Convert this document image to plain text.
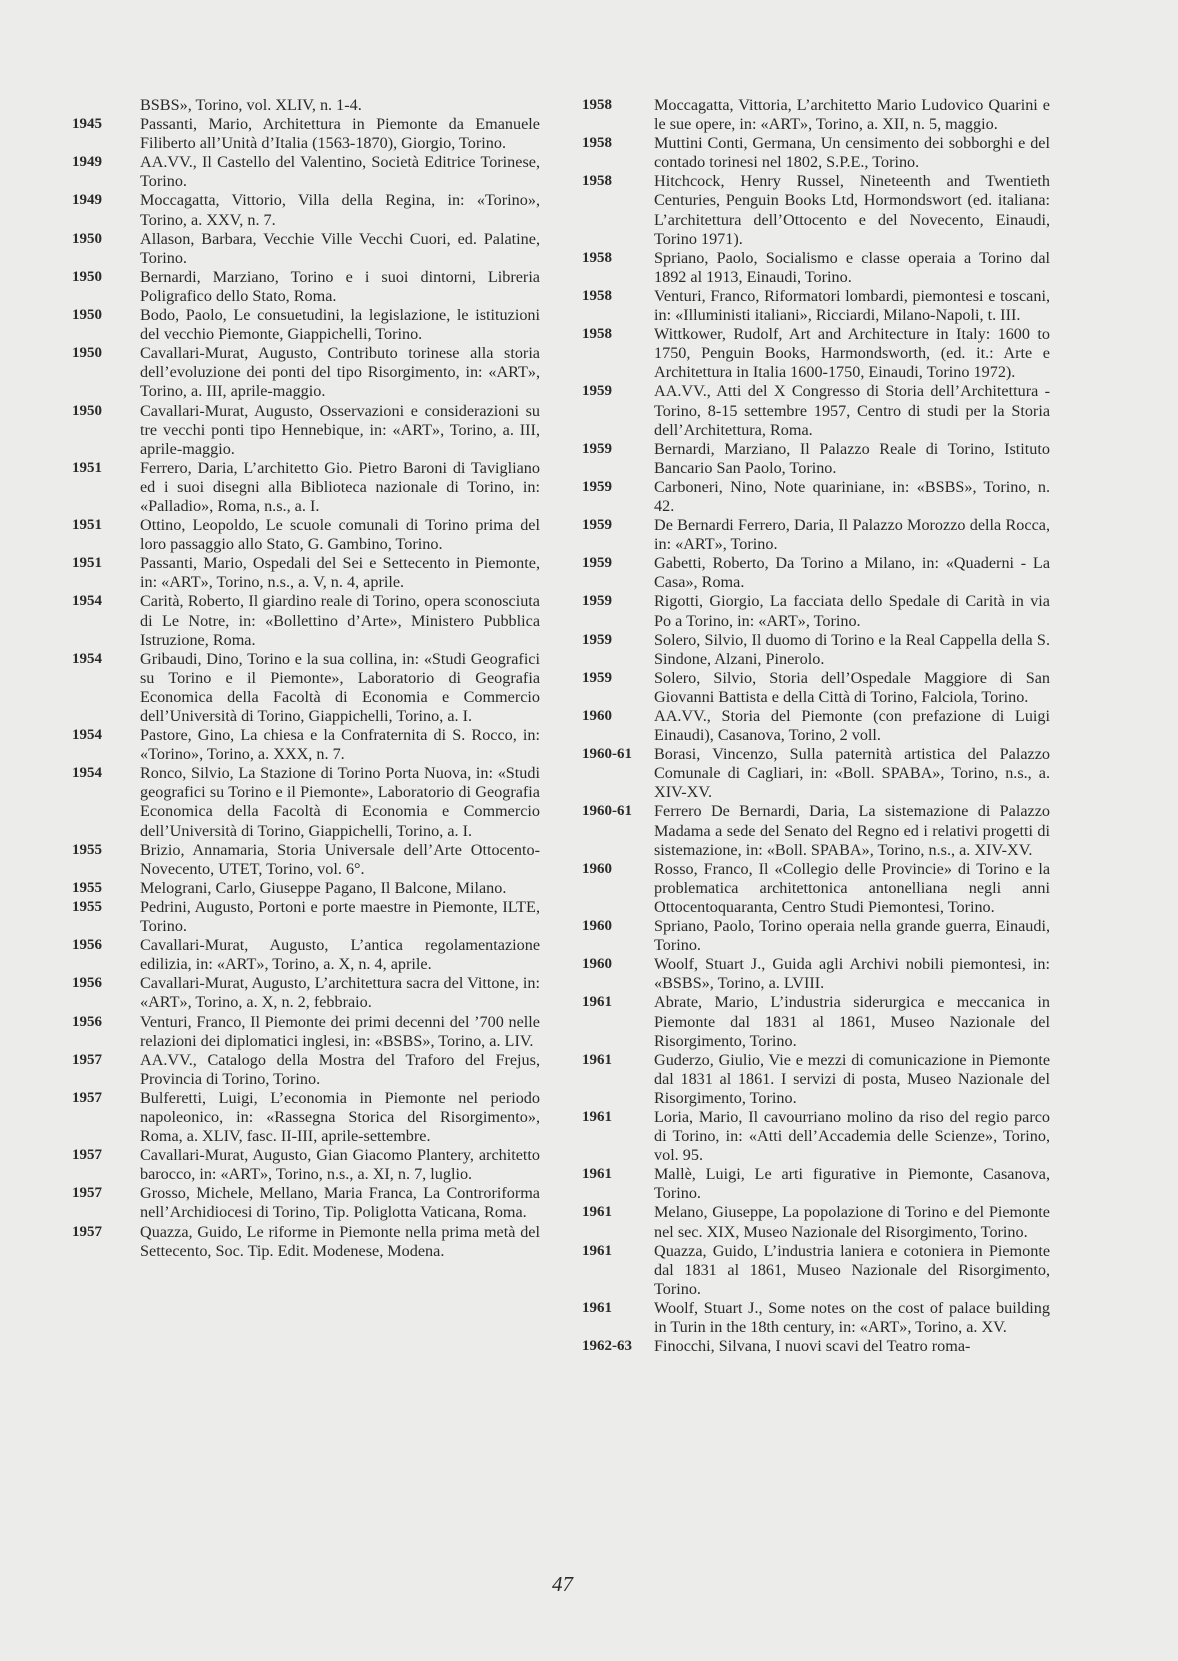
BSBS», Torino, vol. XLIV, n. 1-4.
1945	Passanti, Mario, Architettura in Piemonte da Emanuele Filiberto all’Unità d’Italia (1563-1870), Giorgio, Torino.
1949	AA.VV., Il Castello del Valentino, Società Editrice Torinese, Torino.
1949	Moccagatta, Vittorio, Villa della Regina, in: «Torino», Torino, a. XXV, n. 7.
1950	Allason, Barbara, Vecchie Ville Vecchi Cuori, ed. Palatine, Torino.
1950	Bernardi, Marziano, Torino e i suoi dintorni, Libreria Poligrafico dello Stato, Roma.
1950	Bodo, Paolo, Le consuetudini, la legislazione, le istituzioni del vecchio Piemonte, Giappichelli, Torino.
1950	Cavallari-Murat, Augusto, Contributo torinese alla storia dell’evoluzione dei ponti del tipo Risorgimento, in: «ART», Torino, a. III, aprile-maggio.
1950	Cavallari-Murat, Augusto, Osservazioni e considerazioni su tre vecchi ponti tipo Hennebique, in: «ART», Torino, a. III, aprile-maggio.
1951	Ferrero, Daria, L’architetto Gio. Pietro Baroni di Tavigliano ed i suoi disegni alla Biblioteca nazionale di Torino, in: «Palladio», Roma, n.s., a. I.
1951	Ottino, Leopoldo, Le scuole comunali di Torino prima del loro passaggio allo Stato, G. Gambino, Torino.
1951	Passanti, Mario, Ospedali del Sei e Settecento in Piemonte, in: «ART», Torino, n.s., a. V, n. 4, aprile.
1954	Carità, Roberto, Il giardino reale di Torino, opera sconosciuta di Le Notre, in: «Bollettino d’Arte», Ministero Pubblica Istruzione, Roma.
1954	Gribaudi, Dino, Torino e la sua collina, in: «Studi Geografici su Torino e il Piemonte», Laboratorio di Geografia Economica della Facoltà di Economia e Commercio dell’Università di Torino, Giappichelli, Torino, a. I.
1954	Pastore, Gino, La chiesa e la Confraternita di S. Rocco, in: «Torino», Torino, a. XXX, n. 7.
1954	Ronco, Silvio, La Stazione di Torino Porta Nuova, in: «Studi geografici su Torino e il Piemonte», Laboratorio di Geografia Economica della Facoltà di Economia e Commercio dell’Università di Torino, Giappichelli, Torino, a. I.
1955	Brizio, Annamaria, Storia Universale dell’Arte Ottocento-Novecento, UTET, Torino, vol. 6°.
1955	Melograni, Carlo, Giuseppe Pagano, Il Balcone, Milano.
1955	Pedrini, Augusto, Portoni e porte maestre in Piemonte, ILTE, Torino.
1956	Cavallari-Murat, Augusto, L’antica regolamentazione edilizia, in: «ART», Torino, a. X, n. 4, aprile.
1956	Cavallari-Murat, Augusto, L’architettura sacra del Vittone, in: «ART», Torino, a. X, n. 2, febbraio.
1956	Venturi, Franco, Il Piemonte dei primi decenni del ’700 nelle relazioni dei diplomatici inglesi, in: «BSBS», Torino, a. LIV.
1957	AA.VV., Catalogo della Mostra del Traforo del Frejus, Provincia di Torino, Torino.
1957	Bulferetti, Luigi, L’economia in Piemonte nel periodo napoleonico, in: «Rassegna Storica del Risorgimento», Roma, a. XLIV, fasc. II-III, aprile-settembre.
1957	Cavallari-Murat, Augusto, Gian Giacomo Plantery, architetto barocco, in: «ART», Torino, n.s., a. XI, n. 7, luglio.
1957	Grosso, Michele, Mellano, Maria Franca, La Controriforma nell’Archidiocesi di Torino, Tip. Poliglotta Vaticana, Roma.
1957	Quazza, Guido, Le riforme in Piemonte nella prima metà del Settecento, Soc. Tip. Edit. Modenese, Modena.
1958	Moccagatta, Vittoria, L’architetto Mario Ludovico Quarini e le sue opere, in: «ART», Torino, a. XII, n. 5, maggio.
1958	Muttini Conti, Germana, Un censimento dei sobborghi e del contado torinesi nel 1802, S.P.E., Torino.
1958	Hitchcock, Henry Russel, Nineteenth and Twentieth Centuries, Penguin Books Ltd, Hormondswort (ed. italiana: L’architettura dell’Ottocento e del Novecento, Einaudi, Torino 1971).
1958	Spriano, Paolo, Socialismo e classe operaia a Torino dal 1892 al 1913, Einaudi, Torino.
1958	Venturi, Franco, Riformatori lombardi, piemontesi e toscani, in: «Illuministi italiani», Ricciardi, Milano-Napoli, t. III.
1958	Wittkower, Rudolf, Art and Architecture in Italy: 1600 to 1750, Penguin Books, Harmondsworth, (ed. it.: Arte e Architettura in Italia 1600-1750, Einaudi, Torino 1972).
1959	AA.VV., Atti del X Congresso di Storia dell’Architettura - Torino, 8-15 settembre 1957, Centro di studi per la Storia dell’Architettura, Roma.
1959	Bernardi, Marziano, Il Palazzo Reale di Torino, Istituto Bancario San Paolo, Torino.
1959	Carboneri, Nino, Note quariniane, in: «BSBS», Torino, n. 42.
1959	De Bernardi Ferrero, Daria, Il Palazzo Morozzo della Rocca, in: «ART», Torino.
1959	Gabetti, Roberto, Da Torino a Milano, in: «Quaderni - La Casa», Roma.
1959	Rigotti, Giorgio, La facciata dello Spedale di Carità in via Po a Torino, in: «ART», Torino.
1959	Solero, Silvio, Il duomo di Torino e la Real Cappella della S. Sindone, Alzani, Pinerolo.
1959	Solero, Silvio, Storia dell’Ospedale Maggiore di San Giovanni Battista e della Città di Torino, Falciola, Torino.
1960	AA.VV., Storia del Piemonte (con prefazione di Luigi Einaudi), Casanova, Torino, 2 voll.
1960-61	Borasi, Vincenzo, Sulla paternità artistica del Palazzo Comunale di Cagliari, in: «Boll. SPABA», Torino, n.s., a. XIV-XV.
1960-61	Ferrero De Bernardi, Daria, La sistemazione di Palazzo Madama a sede del Senato del Regno ed i relativi progetti di sistemazione, in: «Boll. SPABA», Torino, n.s., a. XIV-XV.
1960	Rosso, Franco, Il «Collegio delle Provincie» di Torino e la problematica architettonica antonelliana negli anni Ottocentoquaranta, Centro Studi Piemontesi, Torino.
1960	Spriano, Paolo, Torino operaia nella grande guerra, Einaudi, Torino.
1960	Woolf, Stuart J., Guida agli Archivi nobili piemontesi, in: «BSBS», Torino, a. LVIII.
1961	Abrate, Mario, L’industria siderurgica e meccanica in Piemonte dal 1831 al 1861, Museo Nazionale del Risorgimento, Torino.
1961	Guderzo, Giulio, Vie e mezzi di comunicazione in Piemonte dal 1831 al 1861. I servizi di posta, Museo Nazionale del Risorgimento, Torino.
1961	Loria, Mario, Il cavourriano molino da riso del regio parco di Torino, in: «Atti dell’Accademia delle Scienze», Torino, vol. 95.
1961	Mallè, Luigi, Le arti figurative in Piemonte, Casanova, Torino.
1961	Melano, Giuseppe, La popolazione di Torino e del Piemonte nel sec. XIX, Museo Nazionale del Risorgimento, Torino.
1961	Quazza, Guido, L’industria laniera e cotoniera in Piemonte dal 1831 al 1861, Museo Nazionale del Risorgimento, Torino.
1961	Woolf, Stuart J., Some notes on the cost of palace building in Turin in the 18th century, in: «ART», Torino, a. XV.
1962-63	Finocchi, Silvana, I nuovi scavi del Teatro roma-
47
